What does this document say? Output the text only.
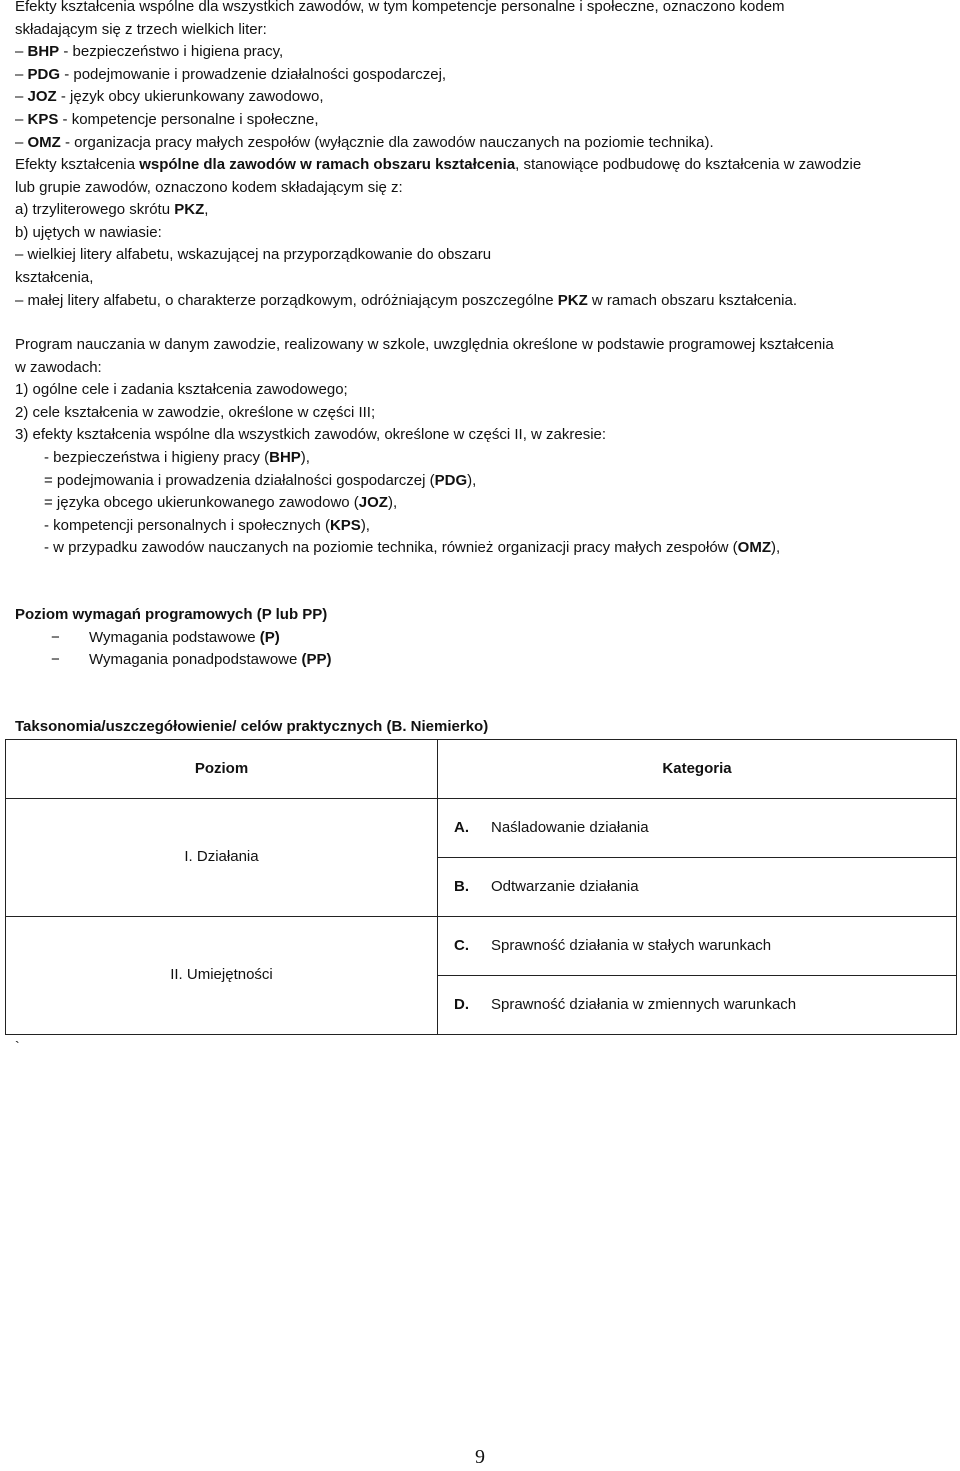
Efekty kształcenia wspólne dla wszystkich zawodów, w tym kompetencje personalne i społeczne, oznaczono kodem
składającym się z trzech wielkich liter:
– BHP - bezpieczeństwo i higiena pracy,
– PDG - podejmowanie i prowadzenie działalności gospodarczej,
– JOZ - język obcy ukierunkowany zawodowo,
– KPS - kompetencje personalne i społeczne,
– OMZ - organizacja pracy małych zespołów (wyłącznie dla zawodów nauczanych na poziomie technika).
Efekty kształcenia wspólne dla zawodów w ramach obszaru kształcenia, stanowiące podbudowę do kształcenia w zawodzie
lub grupie zawodów, oznaczono kodem składającym się z:
a) trzyliterowego skrótu PKZ,
b) ujętych w nawiasie:
– wielkiej litery alfabetu, wskazującej na przyporządkowanie do obszaru
kształcenia,
– małej litery alfabetu, o charakterze porządkowym, odróżniającym poszczególne PKZ w ramach obszaru kształcenia.
Program nauczania w danym zawodzie, realizowany w szkole, uwzględnia określone w podstawie programowej kształcenia
w zawodach:
1) ogólne cele i zadania kształcenia zawodowego;
2) cele kształcenia w zawodzie, określone w części III;
3) efekty kształcenia wspólne dla wszystkich zawodów, określone w części II, w zakresie:
- bezpieczeństwa i higieny pracy (BHP),
= podejmowania i prowadzenia działalności gospodarczej (PDG),
= języka obcego ukierunkowanego zawodowo (JOZ),
- kompetencji personalnych i społecznych (KPS),
- w przypadku zawodów nauczanych na poziomie technika, również organizacji pracy małych zespołów (OMZ),
Poziom wymagań programowych (P lub PP)
− Wymagania podstawowe (P)
− Wymagania ponadpodstawowe (PP)
Taksonomia/uszczegółowienie/ celów praktycznych (B. Niemierko)
Poziom	Kategoria
I. Działania	A. Naśladowanie działania
	B. Odtwarzanie działania
II. Umiejętności	C. Sprawność działania w stałych warunkach
	D. Sprawność działania w zmiennych warunkach
`
9
